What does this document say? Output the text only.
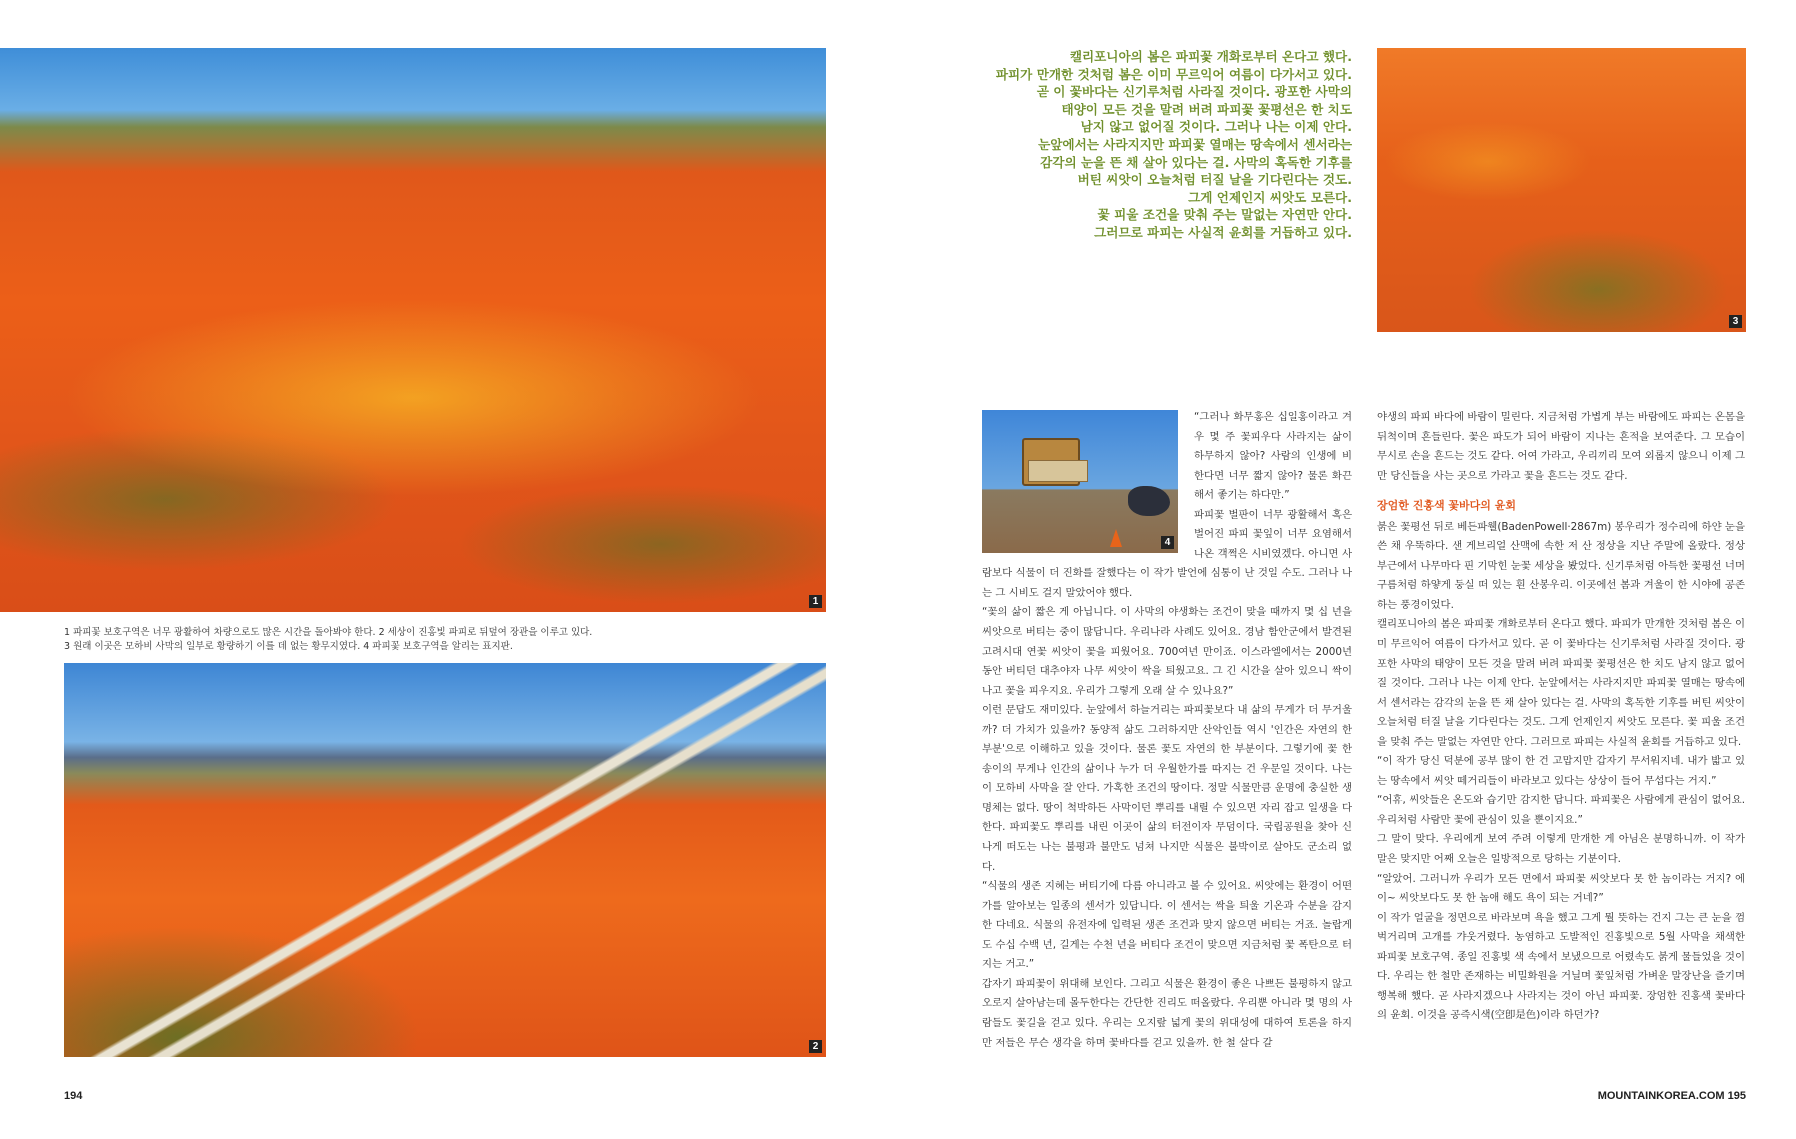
1
2
3
1 파피꽃 보호구역은 너무 광활하여 차량으로도 많은 시간을 돌아봐야 한다. 2 세상이 진홍빛 파피로 뒤덮여 장관을 이루고 있다.
3 원래 이곳은 모하비 사막의 일부로 황량하기 이를 데 없는 황무지였다. 4 파피꽃 보호구역을 알리는 표지판.
캘리포니아의 봄은 파피꽃 개화로부터 온다고 했다.
파피가 만개한 것처럼 봄은 이미 무르익어 여름이 다가서고 있다.
곧 이 꽃바다는 신기루처럼 사라질 것이다. 광포한 사막의
태양이 모든 것을 말려 버려 파피꽃 꽃평선은 한 치도
남지 않고 없어질 것이다. 그러나 나는 이제 안다.
눈앞에서는 사라지지만 파피꽃 열매는 땅속에서 센서라는
감각의 눈을 뜬 채 살아 있다는 걸. 사막의 혹독한 기후를
버틴 씨앗이 오늘처럼 터질 날을 기다린다는 것도.
그게 언제인지 씨앗도 모른다.
꽃 피울 조건을 맞춰 주는 말없는 자연만 안다.
그러므로 파피는 사실적 윤회를 거듭하고 있다.
4

“그러나 화무홍은 십일홍이라고 겨우 몇 주 꽃피우다 사라지는 삶이 하무하지 않아? 사람의 인생에 비한다면 너무 짧지 않아? 물론 화끈해서 좋기는 하다만.”

파피꽃 벌판이 너무 광활해서 혹은 벌어진 파피 꽃잎이 너무 요염해서 나온 객쩍은 시비였겠다. 아니면 사람보다 식물이 더 진화를 잘했다는 이 작가 발언에 심통이 난 것일 수도. 그러나 나는 그 시비도 걸지 말았어야 했다.

“꽃의 삶이 짧은 게 아닙니다. 이 사막의 야생화는 조건이 맞을 때까지 몇 십 년을 씨앗으로 버티는 중이 많답니다. 우리나라 사례도 있어요. 경남 함안군에서 발견된 고려시대 연꽃 씨앗이 꽃을 피웠어요. 700여년 만이죠. 이스라엘에서는 2000년 동안 버티던 대추야자 나무 씨앗이 싹을 틔웠고요. 그 긴 시간을 살아 있으니 싹이 나고 꽃을 피우지요. 우리가 그렇게 오래 살 수 있나요?”

이런 문답도 재미있다. 눈앞에서 하늘거리는 파피꽃보다 내 삶의 무게가 더 무거울까? 더 가치가 있을까? 동양적 삶도 그러하지만 산악인들 역시 '인간은 자연의 한 부분'으로 이해하고 있을 것이다. 물론 꽃도 자연의 한 부분이다. 그렇기에 꽃 한 송이의 무게나 인간의 삶이나 누가 더 우월한가를 따지는 건 우문일 것이다. 나는 이 모하비 사막을 잘 안다. 가혹한 조건의 땅이다. 정말 식물만큼 운명에 충실한 생명체는 없다. 땅이 척박하든 사막이던 뿌리를 내릴 수 있으면 자리 잡고 일생을 다한다. 파피꽃도 뿌리를 내린 이곳이 삶의 터전이자 무덤이다. 국립공원을 찾아 신나게 떠도는 나는 불평과 불만도 넘쳐 나지만 식물은 불박이로 살아도 군소리 없다.

“식물의 생존 지혜는 버티기에 다름 아니라고 볼 수 있어요. 씨앗에는 환경이 어떤가를 알아보는 일종의 센서가 있답니다. 이 센서는 싹을 틔울 기온과 수분을 감지한 다네요. 식물의 유전자에 입력된 생존 조건과 맞지 않으면 버티는 거죠. 놀랍게도 수십 수백 년, 길게는 수천 년을 버티다 조건이 맞으면 지금처럼 꽃 폭탄으로 터지는 거고.”

갑자기 파피꽃이 위대해 보인다. 그리고 식물은 환경이 좋은 나쁘든 불평하지 않고 오로지 살아남는데 몰두한다는 간단한 진리도 떠올랐다. 우리뿐 아니라 몇 명의 사람들도 꽃길을 걷고 있다. 우리는 오지랖 넓게 꽃의 위대성에 대하여 토론을 하지만 저들은 무슨 생각을 하며 꽃바다를 걷고 있을까. 한 철 살다 갈

야생의 파피 바다에 바람이 밀린다. 지금처럼 가볍게 부는 바람에도 파피는 온몸을 뒤척이며 흔들린다. 꽃은 파도가 되어 바람이 지나는 흔적을 보여준다. 그 모습이 무시로 손을 흔드는 것도 같다. 어여 가라고, 우리끼리 모여 외롭지 않으니 이제 그만 당신들을 사는 곳으로 가라고 꽃을 흔드는 것도 같다.

장엄한 진홍색 꽃바다의 윤회

붉은 꽃평선 뒤로 베든파웰(BadenPowell·2867m) 봉우리가 정수리에 하얀 눈을 쓴 채 우뚝하다. 샌 게브리얼 산맥에 속한 저 산 정상을 지난 주말에 올랐다. 정상 부근에서 나무마다 핀 기막힌 눈꽃 세상을 봤었다. 신기루처럼 아득한 꽃평선 너머 구름처럼 하얗게 둥실 떠 있는 흰 산봉우리. 이곳에선 봄과 겨울이 한 시야에 공존하는 풍경이었다.

캘리포니아의 봄은 파피꽃 개화로부터 온다고 했다. 파피가 만개한 것처럼 봄은 이미 무르익어 여름이 다가서고 있다. 곧 이 꽃바다는 신기루처럼 사라질 것이다. 광포한 사막의 태양이 모든 것을 말려 버려 파피꽃 꽃평선은 한 치도 남지 않고 없어질 것이다. 그러나 나는 이제 안다. 눈앞에서는 사라지지만 파피꽃 열매는 땅속에서 센서라는 감각의 눈을 뜬 채 살아 있다는 걸. 사막의 혹독한 기후를 버틴 씨앗이 오늘처럼 터질 날을 기다린다는 것도. 그게 언제인지 씨앗도 모른다. 꽃 피울 조건을 맞춰 주는 말없는 자연만 안다. 그러므로 파피는 사실적 윤회를 거듭하고 있다.

“이 작가 당신 덕분에 공부 많이 한 건 고맙지만 갑자기 무서워지네. 내가 밟고 있는 땅속에서 씨앗 떼거리들이 바라보고 있다는 상상이 들어 무섭다는 거지.”

“어휴, 씨앗들은 온도와 습기만 감지한 답니다. 파피꽃은 사람에게 관심이 없어요. 우리처럼 사람만 꽃에 관심이 있을 뿐이지요.”

그 말이 맞다. 우리에게 보여 주려 이렇게 만개한 게 아님은 분명하니까. 이 작가 말은 맞지만 어째 오늘은 일방적으로 당하는 기분이다.

“알았어. 그러니까 우리가 모든 면에서 파피꽃 씨앗보다 못 한 놈이라는 거지? 에이~ 씨앗보다도 못 한 놈애 해도 욕이 되는 거네?”

이 작가 얼굴을 정면으로 바라보며 욕을 했고 그게 뭘 뜻하는 건지 그는 큰 눈을 껌벅거리며 고개를 갸웃거렸다. 농염하고 도발적인 진홍빛으로 5월 사막을 채색한 파피꽃 보호구역. 종일 진홍빛 색 속에서 보냈으므로 어렸속도 붉게 물들었을 것이다. 우리는 한 철만 존재하는 비밀화원을 거닐며 꽃잎처럼 가벼운 말장난을 즐기며 행복해 했다. 곧 사라지겠으나 사라지는 것이 아닌 파피꽃. 장엄한 진홍색 꽃바다의 윤회. 이것을 공즉시색(空卽是色)이라 하던가?

194	MOUNTAINKOREA.COM 195
